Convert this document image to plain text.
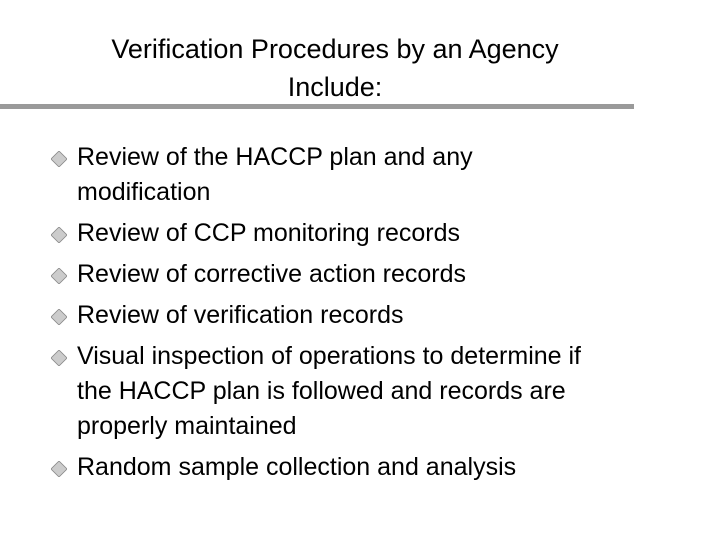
Verification Procedures by an Agency
Include:
Review of the HACCP plan and any
modification
Review of CCP monitoring records
Review of corrective action records
Review of verification records
Visual inspection of operations to determine if
the HACCP plan is followed and records are
properly maintained
Random sample collection and analysis
